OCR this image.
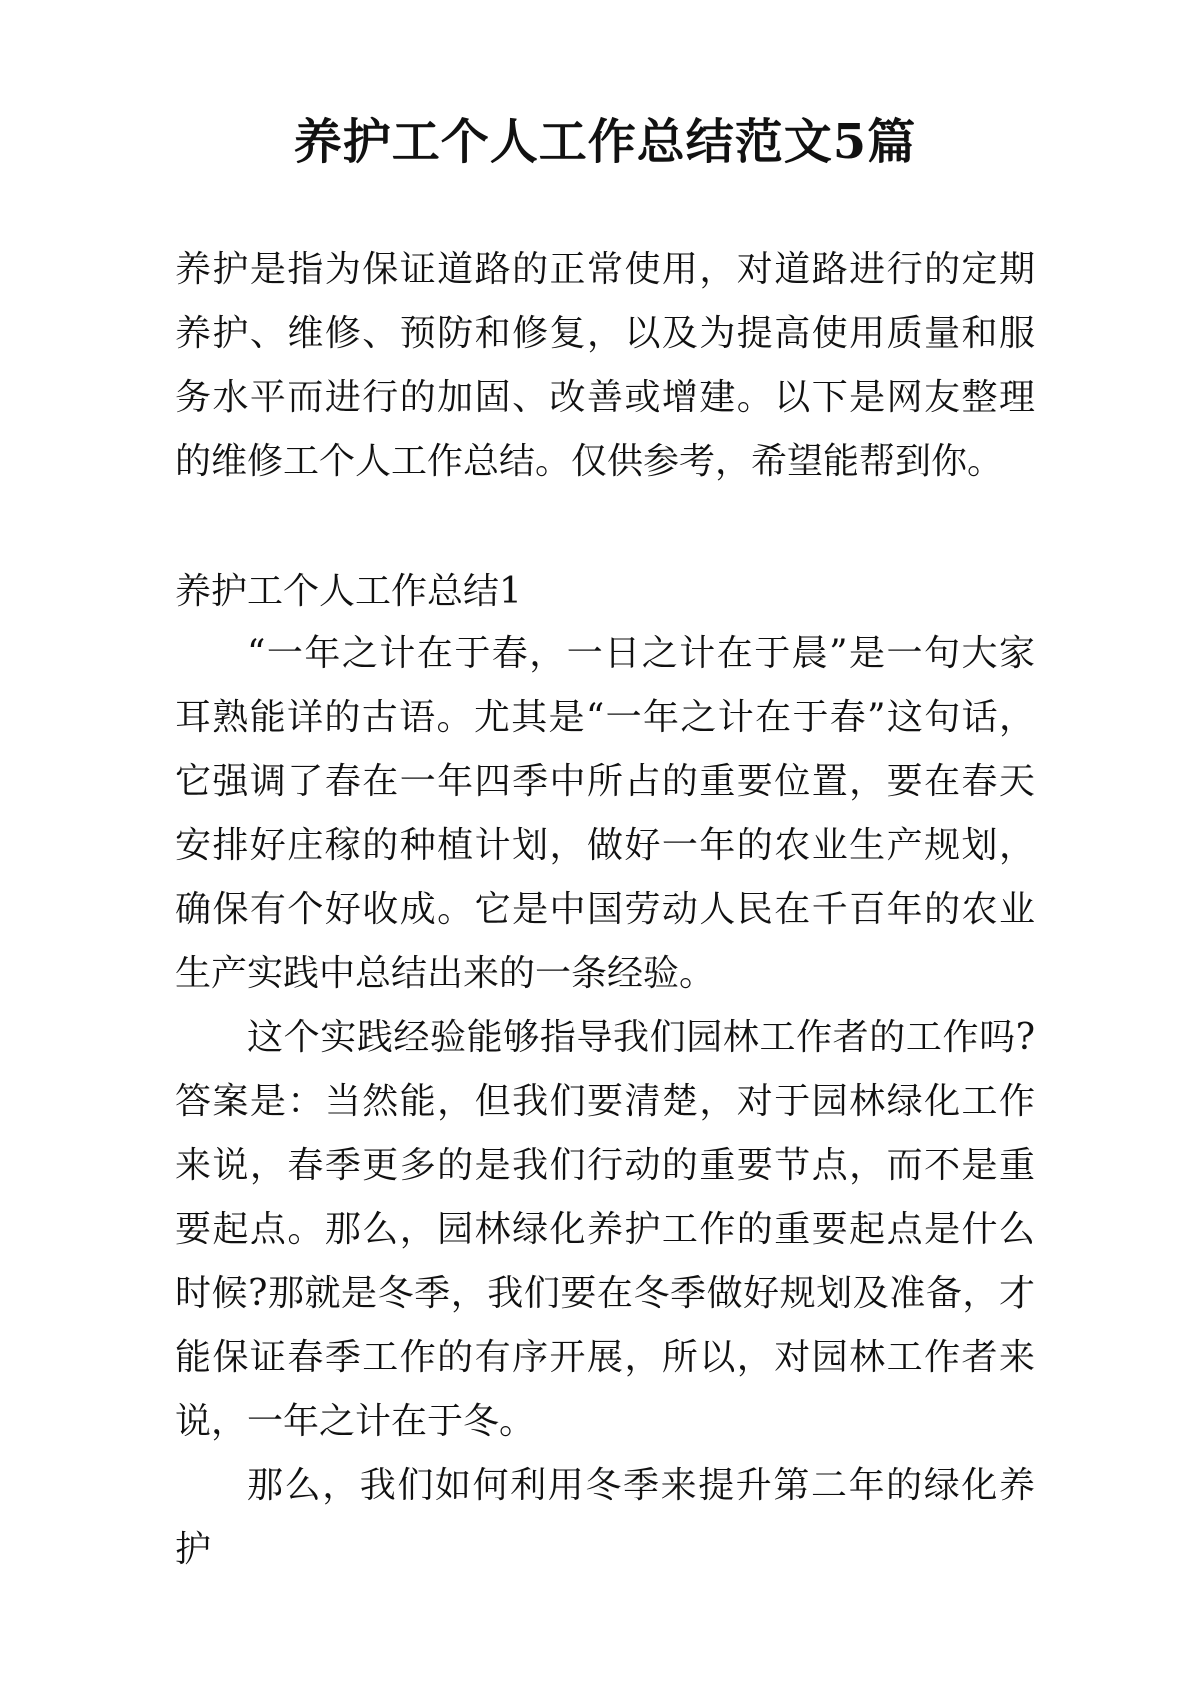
养护工个人工作总结范文5篇

养护是指为保证道路的正常使用，对道路进行的定期养护、维修、预防和修复，以及为提高使用质量和服务水平而进行的加固、改善或增建。以下是网友整理的维修工个人工作总结。仅供参考，希望能帮到你。

养护工个人工作总结1

“一年之计在于春，一日之计在于晨”是一句大家耳熟能详的古语。尤其是“一年之计在于春”这句话，它强调了春在一年四季中所占的重要位置，要在春天安排好庄稼的种植计划，做好一年的农业生产规划，确保有个好收成。它是中国劳动人民在千百年的农业生产实践中总结出来的一条经验。

这个实践经验能够指导我们园林工作者的工作吗?答案是：当然能，但我们要清楚，对于园林绿化工作来说，春季更多的是我们行动的重要节点，而不是重要起点。那么，园林绿化养护工作的重要起点是什么时候?那就是冬季，我们要在冬季做好规划及准备，才能保证春季工作的有序开展，所以，对园林工作者来说，一年之计在于冬。

那么，我们如何利用冬季来提升第二年的绿化养护
